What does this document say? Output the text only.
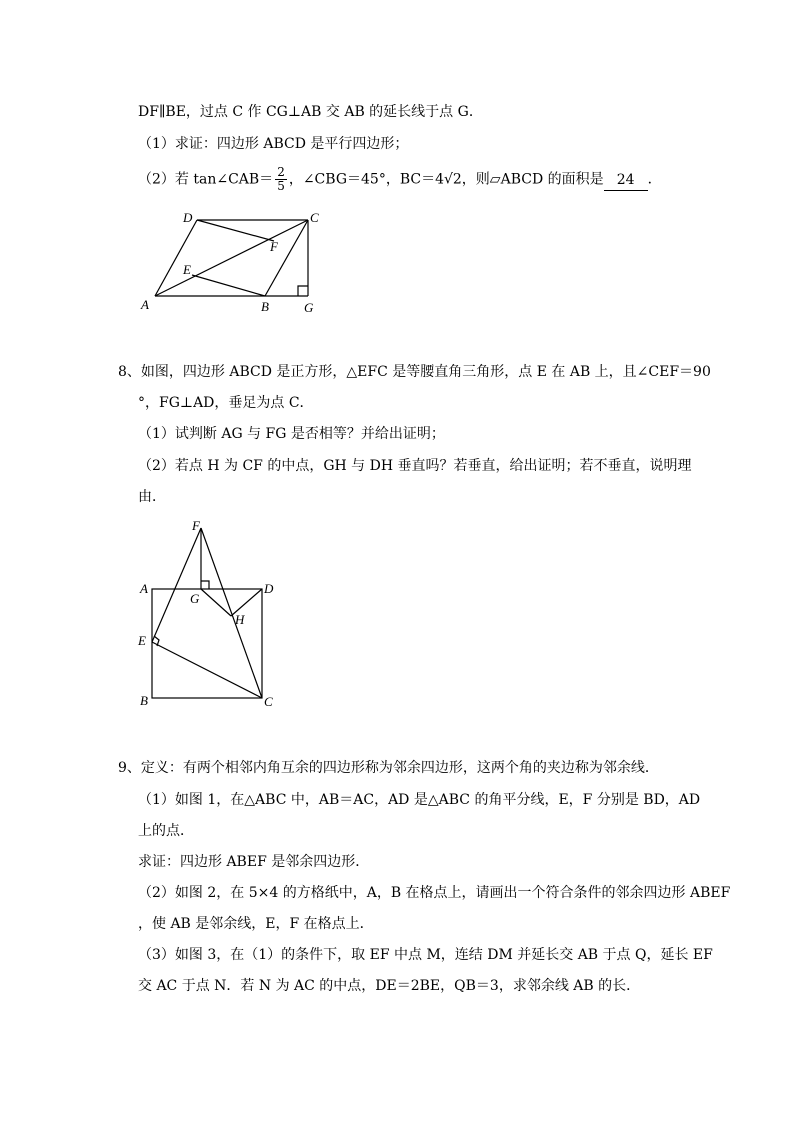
DF∥BE，过点 C 作 CG⊥AB 交 AB 的延长线于点 G．
（1）求证：四边形 ABCD 是平行四边形；
（2）若 tan∠CAB＝ $\frac{2}{5}$ ，∠CBG＝45°，BC＝4√2，则▱ABCD 的面积是 24 ．
A	B
C
D
E
F
G
8、如图，四边形 ABCD 是正方形，△EFC 是等腰直角三角形，点 E 在 AB 上，且∠CEF＝90
°，FG⊥AD，垂足为点 C．
（1）试判断 AG 与 FG 是否相等？并给出证明；
（2）若点 H 为 CF 的中点，GH 与 DH 垂直吗？若垂直，给出证明；若不垂直，说明理
由．
A
B	C
D
E
F
G
H
9、定义：有两个相邻内角互余的四边形称为邻余四边形，这两个角的夹边称为邻余线．
（1）如图 1，在△ABC 中，AB＝AC，AD 是△ABC 的角平分线，E，F 分别是 BD，AD
上的点．
求证：四边形 ABEF 是邻余四边形．
（2）如图 2，在 5×4 的方格纸中，A，B 在格点上，请画出一个符合条件的邻余四边形 ABEF
，使 AB 是邻余线，E，F 在格点上．
（3）如图 3，在（1）的条件下，取 EF 中点 M，连结 DM 并延长交 AB 于点 Q，延长 EF
交 AC 于点 N．若 N 为 AC 的中点，DE＝2BE，QB＝3，求邻余线 AB 的长．
